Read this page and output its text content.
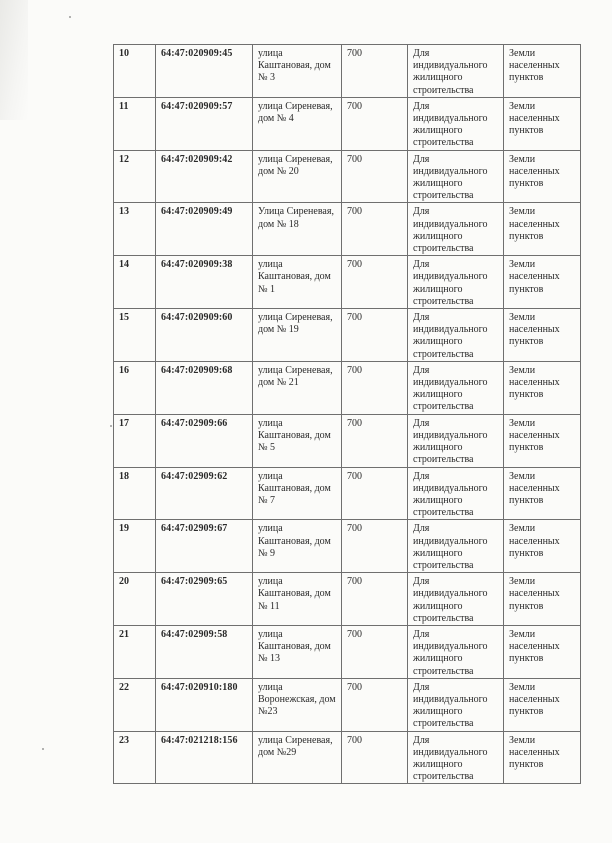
10	64:47:020909:45	улица Каштановая, дом № 3	700	Для индивидуального жилищного строительства	Земли населенных пунктов
11	64:47:020909:57	улица Сиреневая, дом № 4	700	Для индивидуального жилищного строительства	Земли населенных пунктов
12	64:47:020909:42	улица Сиреневая, дом № 20	700	Для индивидуального жилищного строительства	Земли населенных пунктов
13	64:47:020909:49	Улица Сиреневая, дом № 18	700	Для индивидуального жилищного строительства	Земли населенных пунктов
14	64:47:020909:38	улица Каштановая, дом № 1	700	Для индивидуального жилищного строительства	Земли населенных пунктов
15	64:47:020909:60	улица Сиреневая, дом № 19	700	Для индивидуального жилищного строительства	Земли населенных пунктов
16	64:47:020909:68	улица Сиреневая, дом № 21	700	Для индивидуального жилищного строительства	Земли населенных пунктов
17	64:47:02909:66	улица Каштановая, дом № 5	700	Для индивидуального жилищного строительства	Земли населенных пунктов
18	64:47:02909:62	улица Каштановая, дом № 7	700	Для индивидуального жилищного строительства	Земли населенных пунктов
19	64:47:02909:67	улица Каштановая, дом № 9	700	Для индивидуального жилищного строительства	Земли населенных пунктов
20	64:47:02909:65	улица Каштановая, дом № 11	700	Для индивидуального жилищного строительства	Земли населенных пунктов
21	64:47:02909:58	улица Каштановая, дом № 13	700	Для индивидуального жилищного строительства	Земли населенных пунктов
22	64:47:020910:180	улица Воронежская, дом №23	700	Для индивидуального жилищного строительства	Земли населенных пунктов
23	64:47:021218:156	улица Сиреневая, дом №29	700	Для индивидуального жилищного строительства	Земли населенных пунктов
